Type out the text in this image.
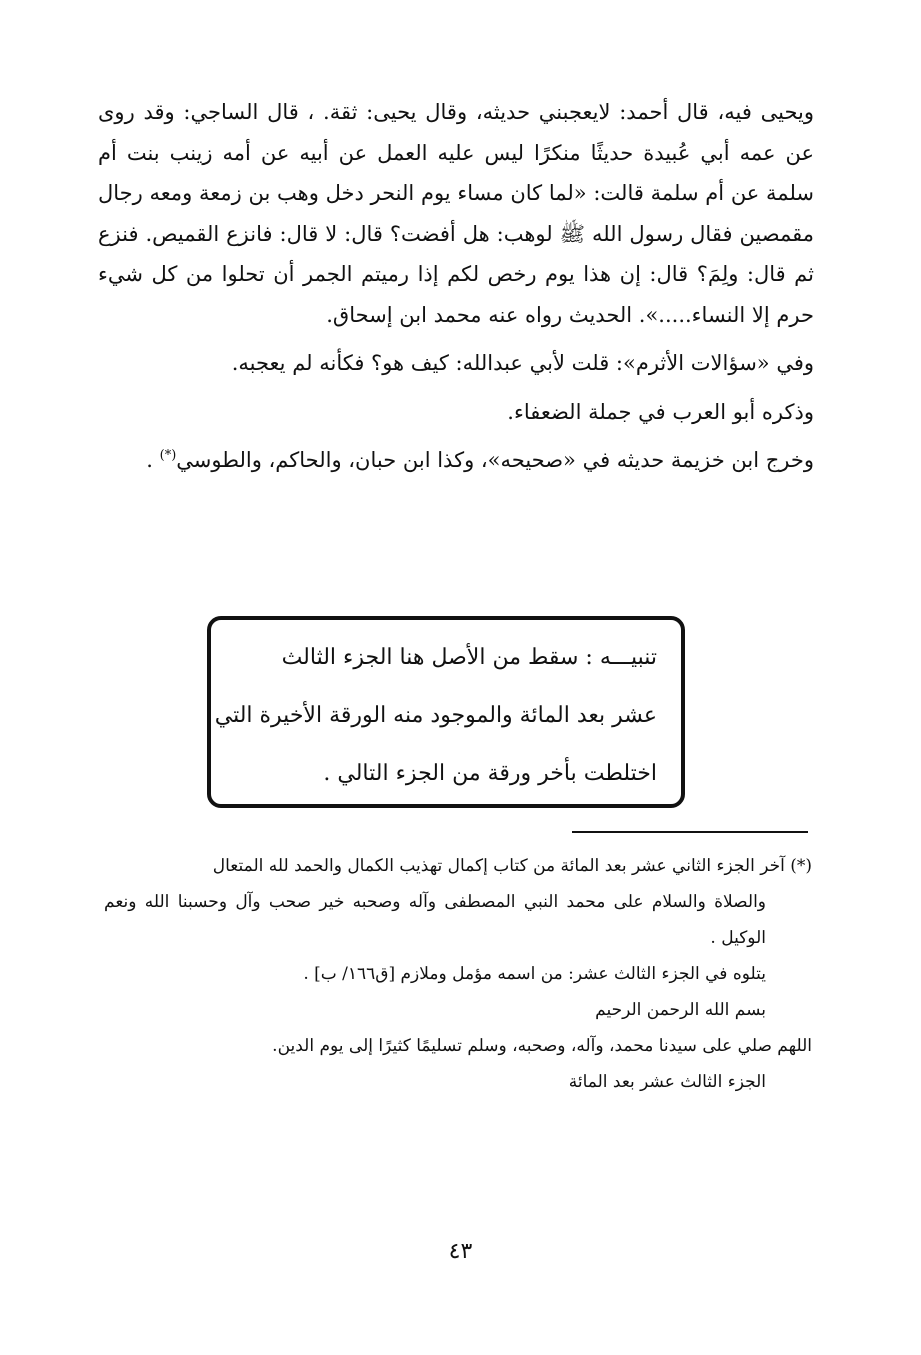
ويحيى فيه، قال أحمد: لايعجبني حديثه، وقال يحيى: ثقة. ، قال الساجي: وقد روى عن عمه أبي عُبيدة حديثًا منكرًا ليس عليه العمل عن أبيه عن أمه زينب بنت أم سلمة عن أم سلمة قالت: «لما كان مساء يوم النحر دخل وهب بن زمعة ومعه رجال مقمصين فقال رسول الله ﷺ لوهب: هل أفضت؟ قال: لا قال: فانزع القميص. فنزع ثم قال: ولِمَ؟ قال: إن هذا يوم رخص لكم إذا رميتم الجمر أن تحلوا من كل شيء حرم إلا النساء.....». الحديث رواه عنه محمد ابن إسحاق.

وفي «سؤالات الأثرم»: قلت لأبي عبدالله: كيف هو؟ فكأنه لم يعجبه.

وذكره أبو العرب في جملة الضعفاء.

وخرج ابن خزيمة حديثه في «صحيحه»، وكذا ابن حبان، والحاكم، والطوسي(*) .

تنبيـــه : سقط من الأصل هنا الجزء الثالث
عشر بعد المائة والموجود منه الورقة الأخيرة التي
اختلطت بأخر ورقة من الجزء التالي .

(*) آخر الجزء الثاني عشر بعد المائة من كتاب إكمال تهذيب الكمال والحمد لله المتعال

والصلاة والسلام على محمد النبي المصطفى وآله وصحبه خير صحب وآل وحسبنا الله ونعم الوكيل .

يتلوه في الجزء الثالث عشر: من اسمه مؤمل وملازم [ق١٦٦/ ب] .

بسم الله الرحمن الرحيم

اللهم صلي على سيدنا محمد، وآله، وصحبه، وسلم تسليمًا كثيرًا إلى يوم الدين.

الجزء الثالث عشر بعد المائة

٤٣
